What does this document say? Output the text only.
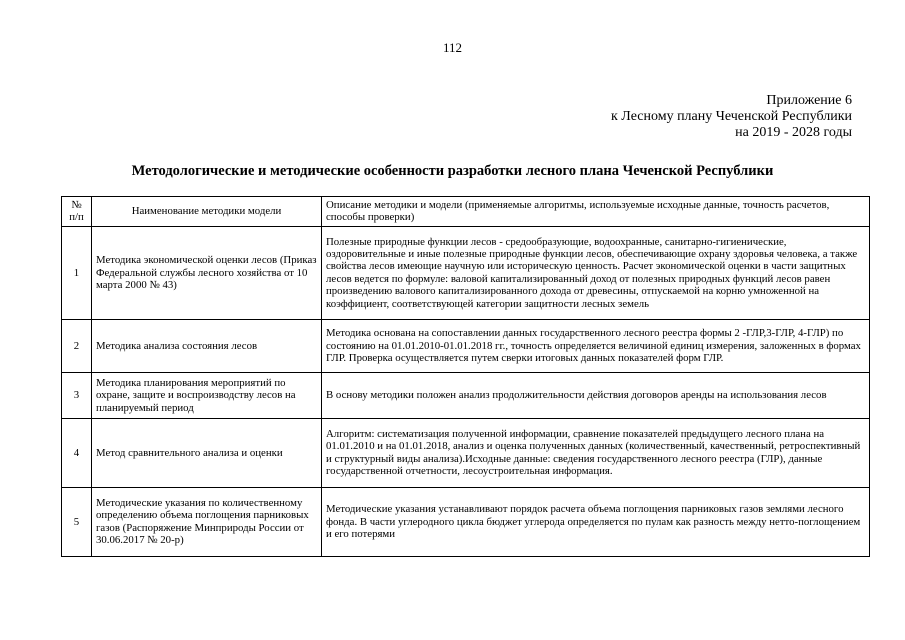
112
Приложение 6
к Лесному плану Чеченской Республики
на 2019 - 2028 годы
Методологические и методические особенности разработки лесного плана Чеченской Республики
№ п/п	Наименование методики модели	Описание методики и модели (применяемые алгоритмы, используемые исходные данные, точность расчетов, способы проверки)
1	Методика экономической оценки лесов (Приказ Федеральной службы лесного хозяйства от 10 марта 2000 № 43)	Полезные природные функции лесов - средообразующие, водоохранные, санитарно-гигиенические, оздоровительные и иные полезные природные функции лесов, обеспечивающие охрану здоровья человека, а также свойства лесов имеющие научную или историческую ценность. Расчет экономической оценки в части защитных лесов ведется по формуле: валовой капитализированный доход от полезных природных функций лесов равен произведению валового капитализированного дохода от древесины, отпускаемой на корню умноженной на коэффициент, соответствующей категории защитности лесных земель
2	Методика анализа состояния лесов	Методика основана на сопоставлении данных государственного лесного реестра формы 2 -ГЛР,3-ГЛР, 4-ГЛР) по состоянию на 01.01.2010-01.01.2018 гг., точность определяется величиной единиц измерения, заложенных в формах ГЛР. Проверка осуществляется путем сверки итоговых данных показателей форм ГЛР.
3	Методика планирования мероприятий по охране, защите и воспроизводству лесов на планируемый период	В основу методики положен анализ продолжительности действия договоров аренды на использования лесов
4	Метод сравнительного анализа и оценки	Алгоритм: систематизация полученной информации, сравнение показателей предыдущего лесного плана на 01.01.2010 и на 01.01.2018, анализ и оценка полученных данных (количественный, качественный, ретроспективный и структурный виды анализа).Исходные данные: сведения государственного лесного реестра (ГЛР), данные государственной отчетности, лесоустроительная информация.
5	Методические указания по количественному определению объема поглощения парниковых газов (Распоряжение Минприроды России от 30.06.2017 № 20-р)	Методические указания устанавливают порядок расчета объема поглощения парниковых газов землями лесного фонда. В части углеродного цикла бюджет углерода определяется по пулам как разность между нетто-поглощением и его потерями
